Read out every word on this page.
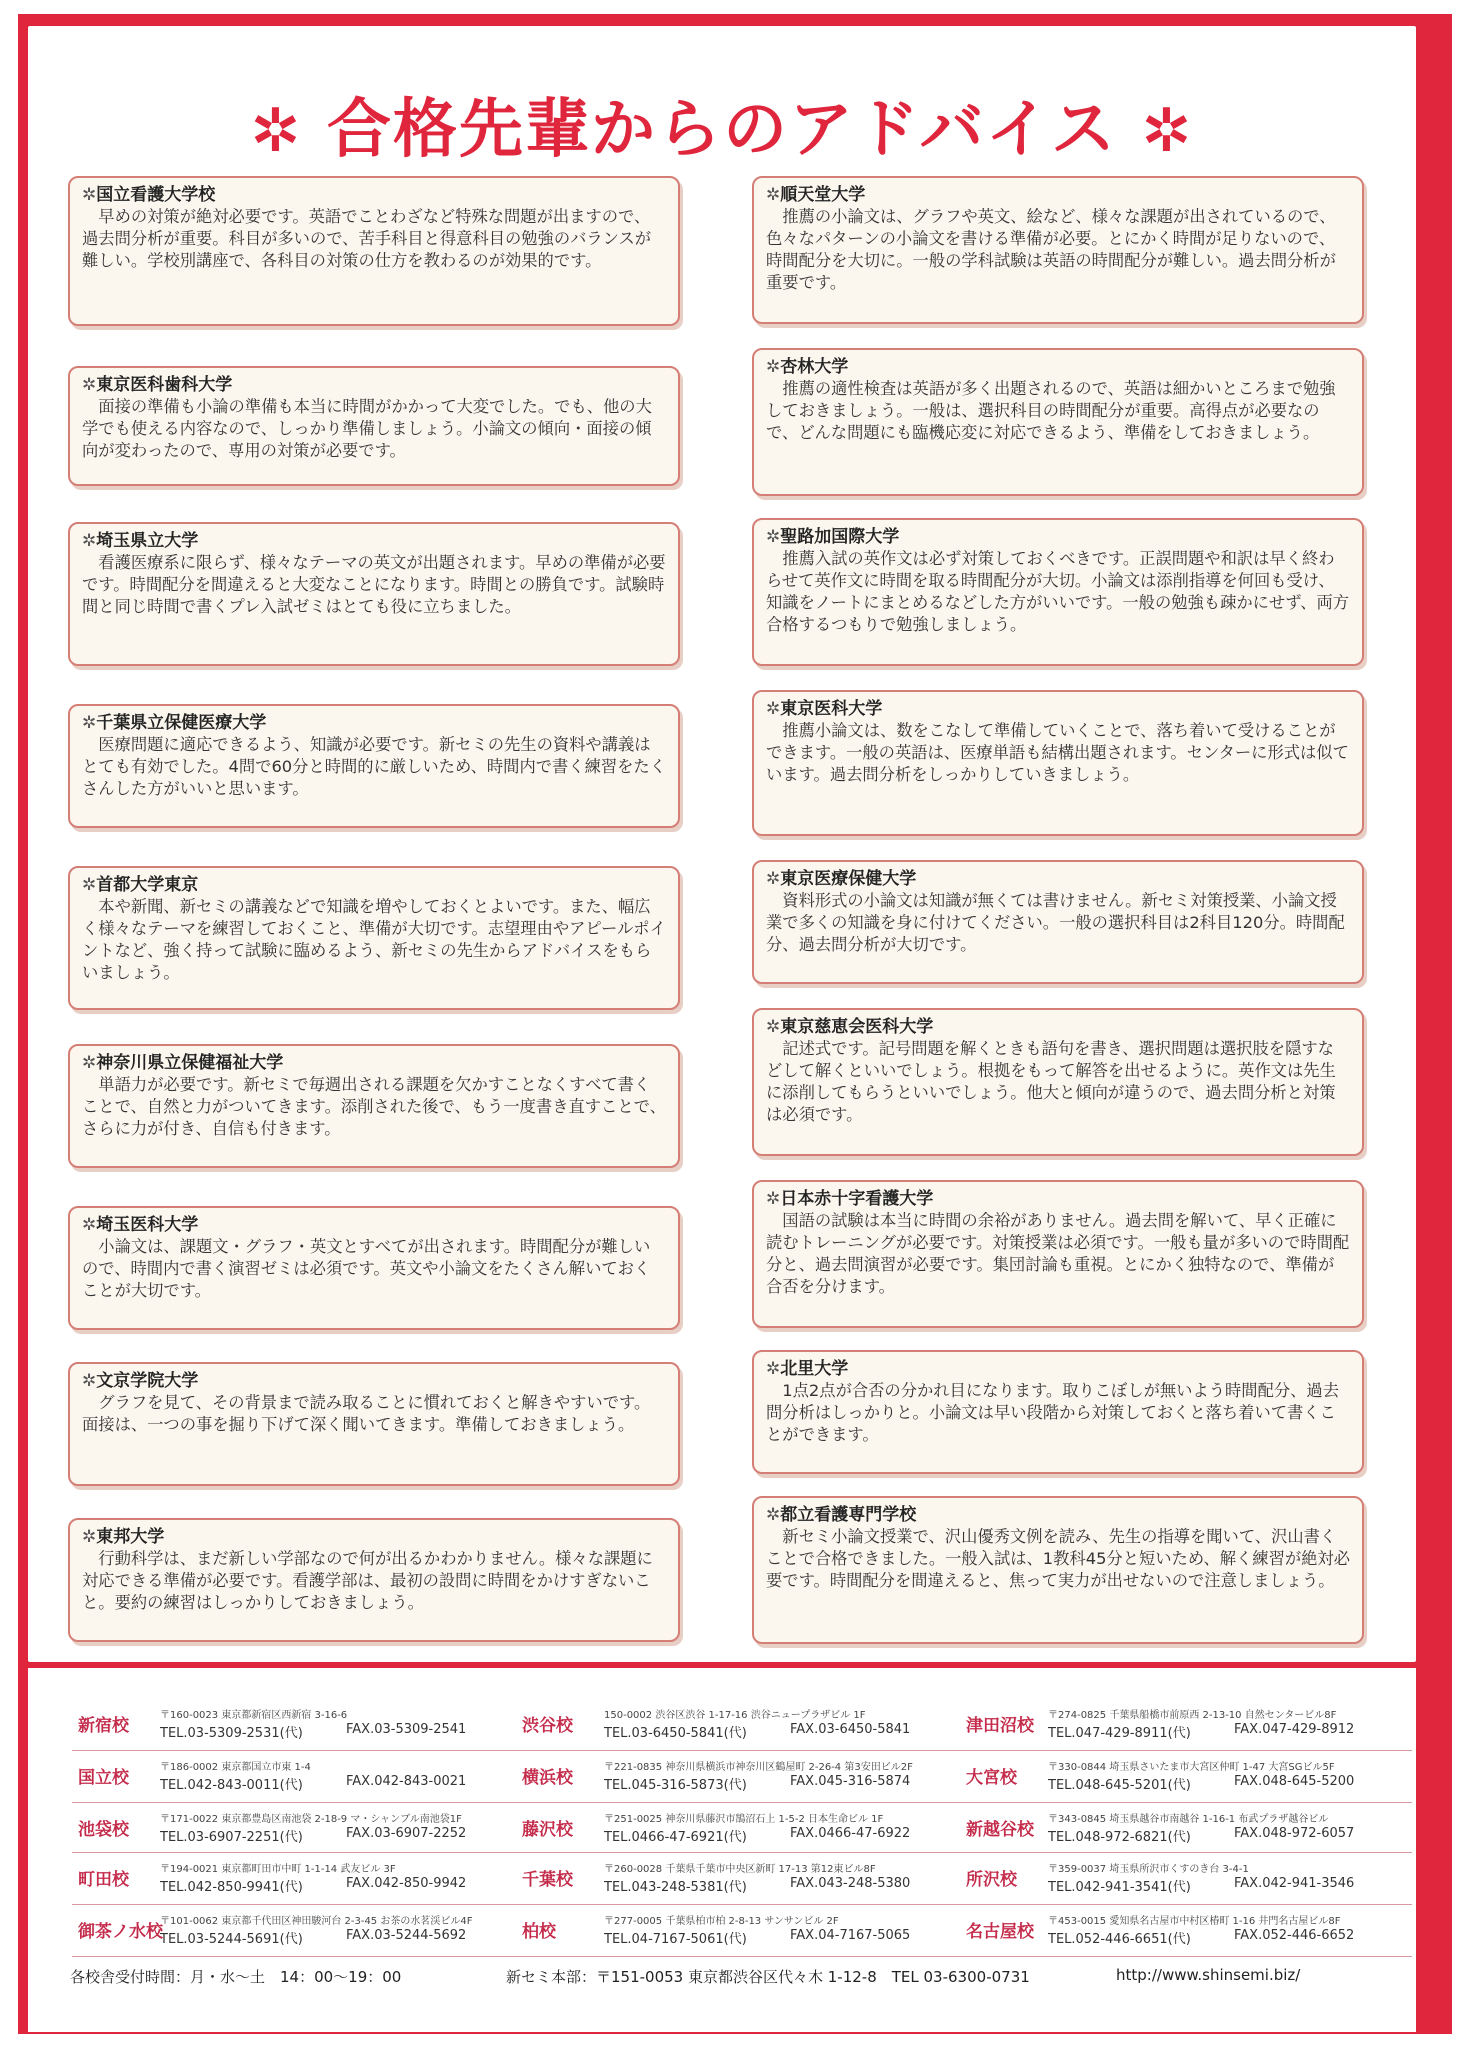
✲ 合格先輩からのアドバイス ✲
✲国立看護大学校
早めの対策が絶対必要です。英語でことわざなど特殊な問題が出ますので、過去問分析が重要。科目が多いので、苦手科目と得意科目の勉強のバランスが難しい。学校別講座で、各科目の対策の仕方を教わるのが効果的です。
✲東京医科歯科大学
面接の準備も小論の準備も本当に時間がかかって大変でした。でも、他の大学でも使える内容なので、しっかり準備しましょう。小論文の傾向・面接の傾向が変わったので、専用の対策が必要です。
✲埼玉県立大学
看護医療系に限らず、様々なテーマの英文が出題されます。早めの準備が必要です。時間配分を間違えると大変なことになります。時間との勝負です。試験時間と同じ時間で書くプレ入試ゼミはとても役に立ちました。
✲千葉県立保健医療大学
医療問題に適応できるよう、知識が必要です。新セミの先生の資料や講義はとても有効でした。4問で60分と時間的に厳しいため、時間内で書く練習をたくさんした方がいいと思います。
✲首都大学東京
本や新聞、新セミの講義などで知識を増やしておくとよいです。また、幅広く様々なテーマを練習しておくこと、準備が大切です。志望理由やアピールポイントなど、強く持って試験に臨めるよう、新セミの先生からアドバイスをもらいましょう。
✲神奈川県立保健福祉大学
単語力が必要です。新セミで毎週出される課題を欠かすことなくすべて書くことで、自然と力がついてきます。添削された後で、もう一度書き直すことで、さらに力が付き、自信も付きます。
✲埼玉医科大学
小論文は、課題文・グラフ・英文とすべてが出されます。時間配分が難しいので、時間内で書く演習ゼミは必須です。英文や小論文をたくさん解いておくことが大切です。
✲文京学院大学
グラフを見て、その背景まで読み取ることに慣れておくと解きやすいです。面接は、一つの事を掘り下げて深く聞いてきます。準備しておきましょう。
✲東邦大学
行動科学は、まだ新しい学部なので何が出るかわかりません。様々な課題に対応できる準備が必要です。看護学部は、最初の設問に時間をかけすぎないこと。要約の練習はしっかりしておきましょう。
✲順天堂大学
推薦の小論文は、グラフや英文、絵など、様々な課題が出されているので、色々なパターンの小論文を書ける準備が必要。とにかく時間が足りないので、時間配分を大切に。一般の学科試験は英語の時間配分が難しい。過去問分析が重要です。
✲杏林大学
推薦の適性検査は英語が多く出題されるので、英語は細かいところまで勉強しておきましょう。一般は、選択科目の時間配分が重要。高得点が必要なので、どんな問題にも臨機応変に対応できるよう、準備をしておきましょう。
✲聖路加国際大学
推薦入試の英作文は必ず対策しておくべきです。正誤問題や和訳は早く終わらせて英作文に時間を取る時間配分が大切。小論文は添削指導を何回も受け、知識をノートにまとめるなどした方がいいです。一般の勉強も疎かにせず、両方合格するつもりで勉強しましょう。
✲東京医科大学
推薦小論文は、数をこなして準備していくことで、落ち着いて受けることができます。一般の英語は、医療単語も結構出題されます。センターに形式は似ています。過去問分析をしっかりしていきましょう。
✲東京医療保健大学
資料形式の小論文は知識が無くては書けません。新セミ対策授業、小論文授業で多くの知識を身に付けてください。一般の選択科目は2科目120分。時間配分、過去問分析が大切です。
✲東京慈恵会医科大学
記述式です。記号問題を解くときも語句を書き、選択問題は選択肢を隠すなどして解くといいでしょう。根拠をもって解答を出せるように。英作文は先生に添削してもらうといいでしょう。他大と傾向が違うので、過去問分析と対策は必須です。
✲日本赤十字看護大学
国語の試験は本当に時間の余裕がありません。過去問を解いて、早く正確に読むトレーニングが必要です。対策授業は必須です。一般も量が多いので時間配分と、過去問演習が必要です。集団討論も重視。とにかく独特なので、準備が合否を分けます。
✲北里大学
1点2点が合否の分かれ目になります。取りこぼしが無いよう時間配分、過去問分析はしっかりと。小論文は早い段階から対策しておくと落ち着いて書くことができます。
✲都立看護専門学校
新セミ小論文授業で、沢山優秀文例を読み、先生の指導を聞いて、沢山書くことで合格できました。一般入試は、1教科45分と短いため、解く練習が絶対必要です。時間配分を間違えると、焦って実力が出せないので注意しましょう。
新宿校
〒160-0023 東京都新宿区西新宿 3-16-6
TEL.03-5309-2531(代)	FAX.03-5309-2541
国立校
〒186-0002 東京都国立市東 1-4
TEL.042-843-0011(代)	FAX.042-843-0021
池袋校
〒171-0022 東京都豊島区南池袋 2-18-9 マ・シャンブル南池袋1F
TEL.03-6907-2251(代)	FAX.03-6907-2252
町田校
〒194-0021 東京都町田市中町 1-1-14 武友ビル 3F
TEL.042-850-9941(代)	FAX.042-850-9942
御茶ノ水校
〒101-0062 東京都千代田区神田駿河台 2-3-45 お茶の水茗渓ビル4F
TEL.03-5244-5691(代)	FAX.03-5244-5692
渋谷校
150-0002 渋谷区渋谷 1-17-16 渋谷ニュープラザビル 1F
TEL.03-6450-5841(代)	FAX.03-6450-5841
横浜校
〒221-0835 神奈川県横浜市神奈川区鶴屋町 2-26-4 第3安田ビル2F
TEL.045-316-5873(代)	FAX.045-316-5874
藤沢校
〒251-0025 神奈川県藤沢市鵠沼石上 1-5-2 日本生命ビル 1F
TEL.0466-47-6921(代)	FAX.0466-47-6922
千葉校
〒260-0028 千葉県千葉市中央区新町 17-13 第12東ビル8F
TEL.043-248-5381(代)	FAX.043-248-5380
柏校
〒277-0005 千葉県柏市柏 2-8-13 サンサンビル 2F
TEL.04-7167-5061(代)	FAX.04-7167-5065
津田沼校
〒274-0825 千葉県船橋市前原西 2-13-10 自然センタービル8F
TEL.047-429-8911(代)	FAX.047-429-8912
大宮校
〒330-0844 埼玉県さいたま市大宮区仲町 1-47 大宮SGビル5F
TEL.048-645-5201(代)	FAX.048-645-5200
新越谷校
〒343-0845 埼玉県越谷市南越谷 1-16-1 布武プラザ越谷ビル
TEL.048-972-6821(代)	FAX.048-972-6057
所沢校
〒359-0037 埼玉県所沢市くすのき台 3-4-1
TEL.042-941-3541(代)	FAX.042-941-3546
名古屋校
〒453-0015 愛知県名古屋市中村区椿町 1-16 井門名古屋ビル8F
TEL.052-446-6651(代)	FAX.052-446-6652
各校舎受付時間：月・水～土　14：00～19：00	新セミ本部：〒151-0053 東京都渋谷区代々木 1-12-8　TEL 03-6300-0731	http://www.shinsemi.biz/
